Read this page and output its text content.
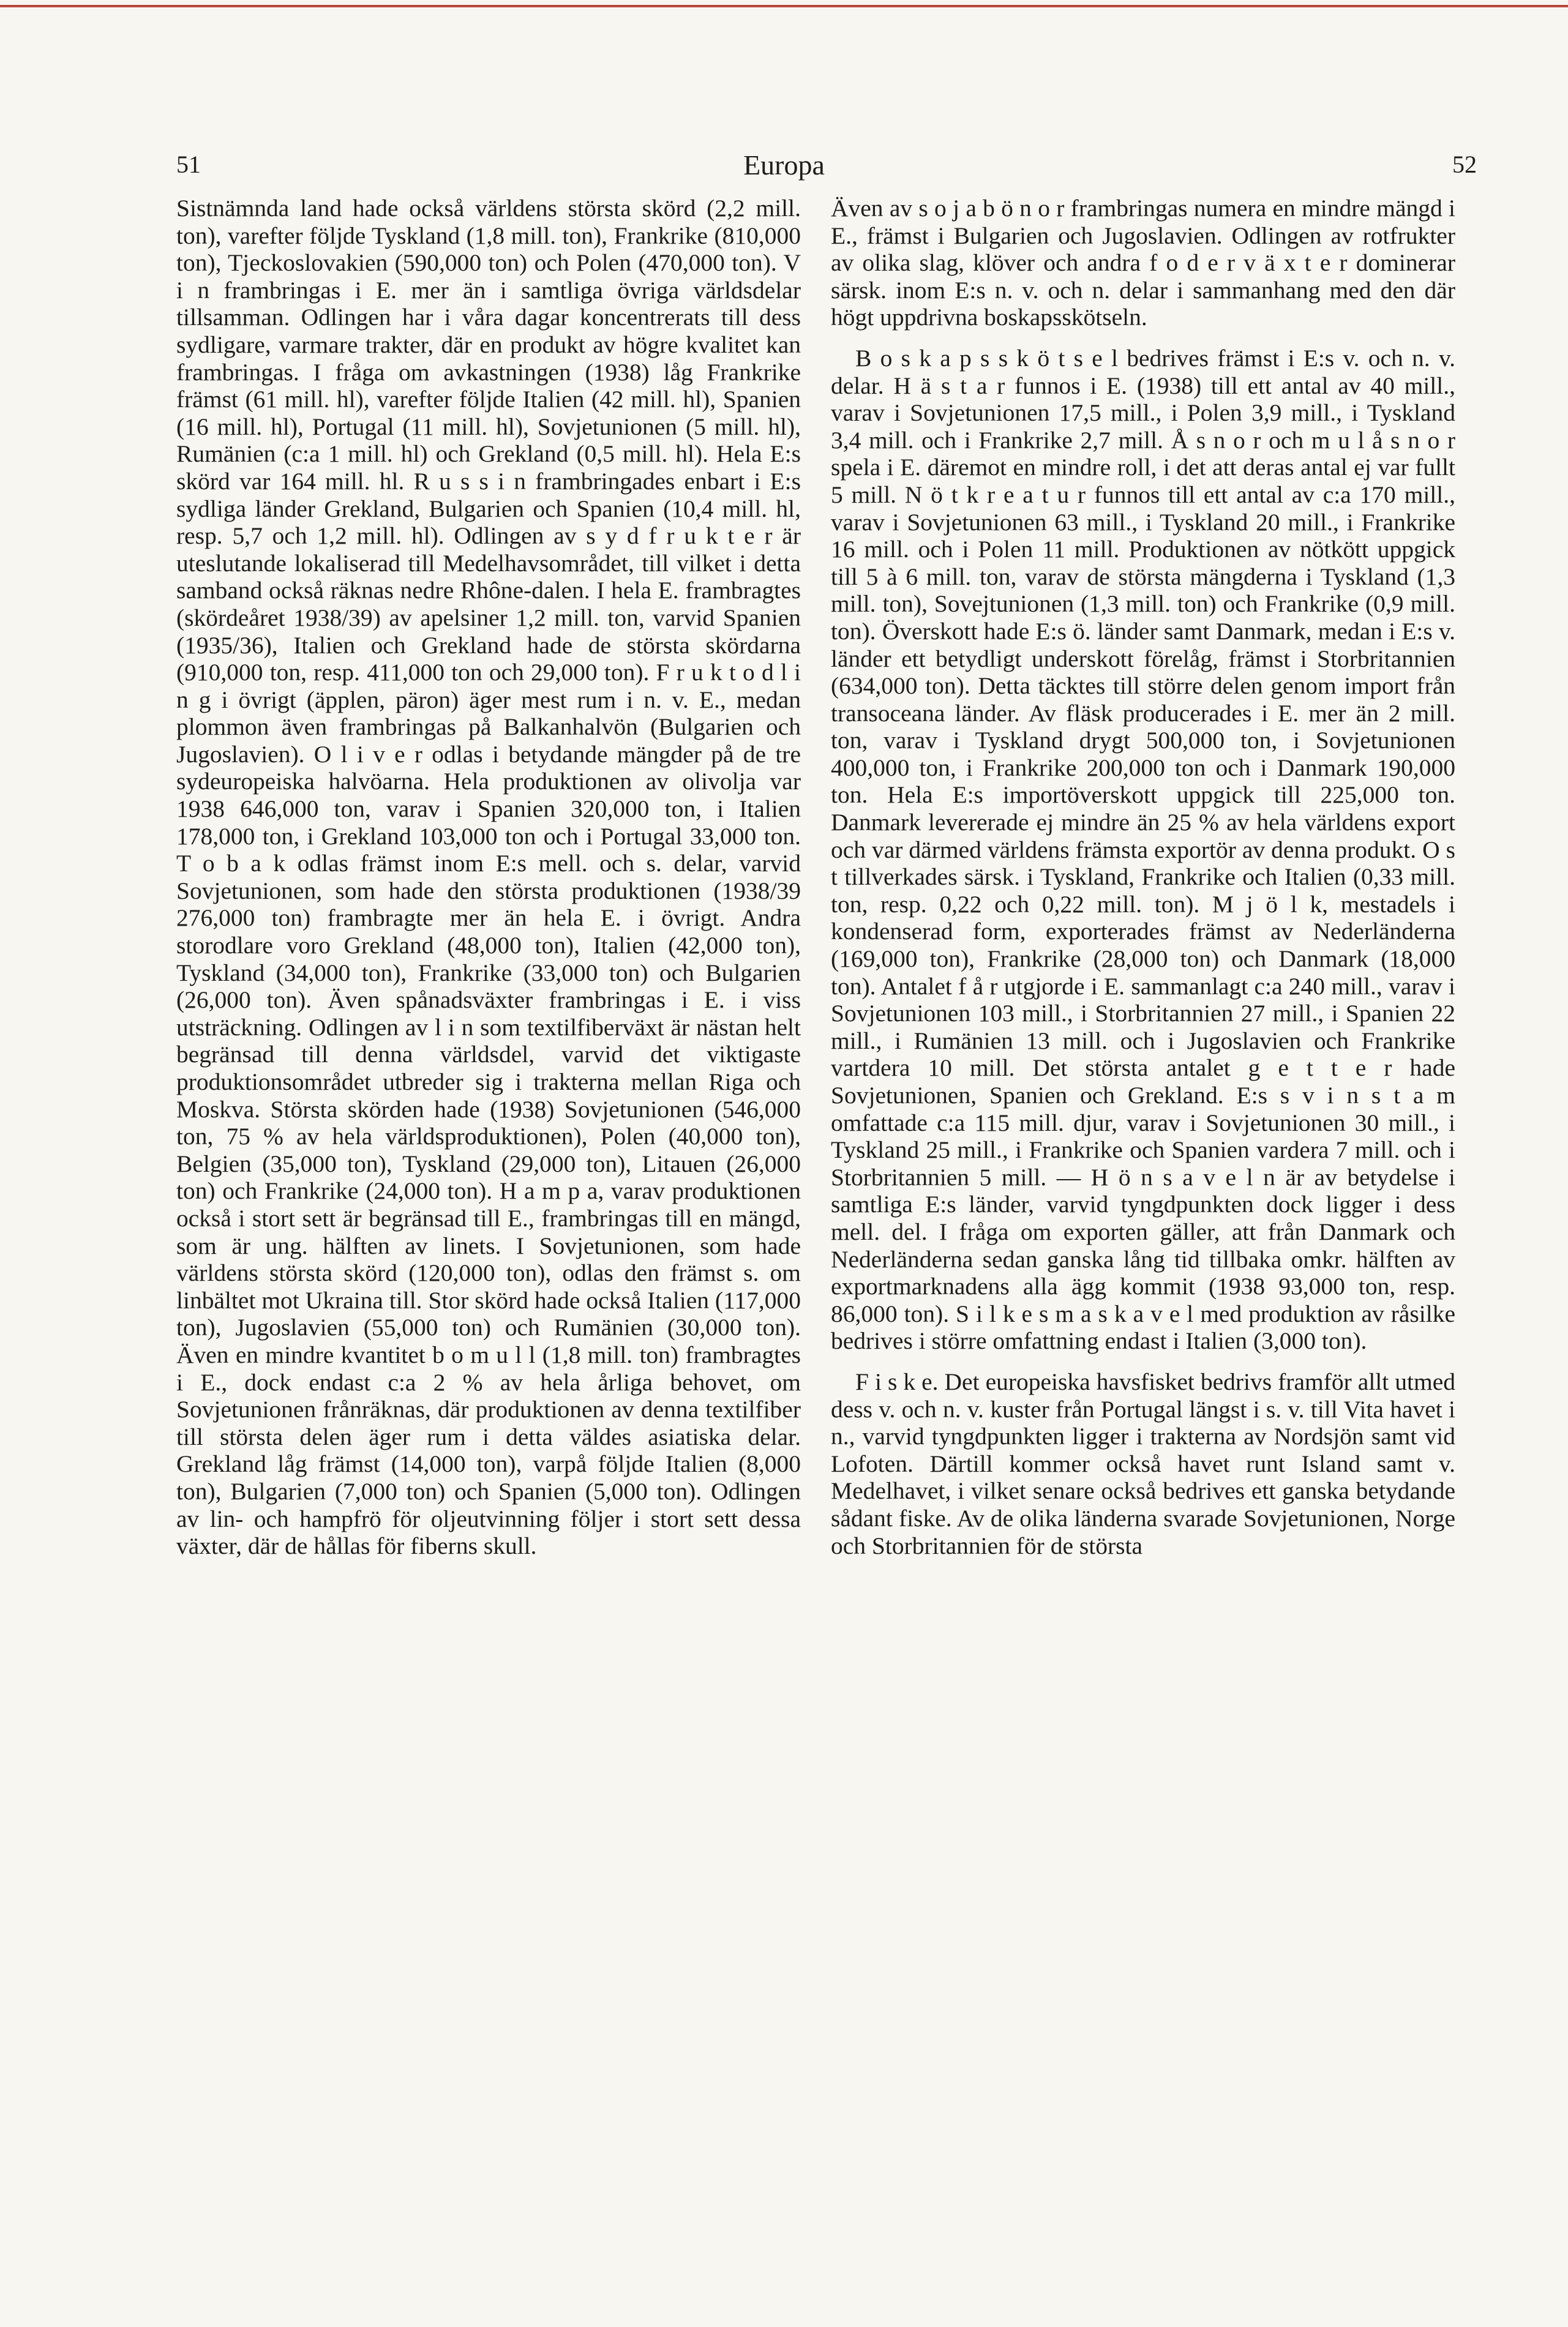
51	Europa	52

Sistnämnda land hade också världens största skörd (2,2 mill. ton), varefter följde Tyskland (1,8 mill. ton), Frankrike (810,000 ton), Tjeckoslovakien (590,000 ton) och Polen (470,000 ton). V i n frambringas i E. mer än i samtliga övriga världsdelar tillsamman. Odlingen har i våra dagar koncentrerats till dess sydligare, varmare trakter, där en produkt av högre kvalitet kan frambringas. I fråga om avkastningen (1938) låg Frankrike främst (61 mill. hl), varefter följde Italien (42 mill. hl), Spanien (16 mill. hl), Portugal (11 mill. hl), Sovjetunionen (5 mill. hl), Rumänien (c:a 1 mill. hl) och Grekland (0,5 mill. hl). Hela E:s skörd var 164 mill. hl. R u s s i n frambringades enbart i E:s sydliga länder Grekland, Bulgarien och Spanien (10,4 mill. hl, resp. 5,7 och 1,2 mill. hl). Odlingen av s y d f r u k t e r är uteslutande lokaliserad till Medelhavsområdet, till vilket i detta samband också räknas nedre Rhône-dalen. I hela E. frambragtes (skördeåret 1938/39) av apelsiner 1,2 mill. ton, varvid Spanien (1935/36), Italien och Grekland hade de största skördarna (910,000 ton, resp. 411,000 ton och 29,000 ton). F r u k t o d l i n g i övrigt (äpplen, päron) äger mest rum i n. v. E., medan plommon även frambringas på Balkanhalvön (Bulgarien och Jugoslavien). O l i v e r odlas i betydande mängder på de tre sydeuropeiska halvöarna. Hela produktionen av olivolja var 1938 646,000 ton, varav i Spanien 320,000 ton, i Italien 178,000 ton, i Grekland 103,000 ton och i Portugal 33,000 ton. T o b a k odlas främst inom E:s mell. och s. delar, varvid Sovjetunionen, som hade den största produktionen (1938/39 276,000 ton) frambragte mer än hela E. i övrigt. Andra storodlare voro Grekland (48,000 ton), Italien (42,000 ton), Tyskland (34,000 ton), Frankrike (33,000 ton) och Bulgarien (26,000 ton). Även spånadsväxter frambringas i E. i viss utsträckning. Odlingen av l i n som textilfiberväxt är nästan helt begränsad till denna världsdel, varvid det viktigaste produktionsområdet utbreder sig i trakterna mellan Riga och Moskva. Största skörden hade (1938) Sovjetunionen (546,000 ton, 75 % av hela världsproduktionen), Polen (40,000 ton), Belgien (35,000 ton), Tyskland (29,000 ton), Litauen (26,000 ton) och Frankrike (24,000 ton). H a m p a, varav produktionen också i stort sett är begränsad till E., frambringas till en mängd, som är ung. hälften av linets. I Sovjetunionen, som hade världens största skörd (120,000 ton), odlas den främst s. om linbältet mot Ukraina till. Stor skörd hade också Italien (117,000 ton), Jugoslavien (55,000 ton) och Rumänien (30,000 ton). Även en mindre kvantitet b o m u l l (1,8 mill. ton) frambragtes i E., dock endast c:a 2 % av hela årliga behovet, om Sovjetunionen frånräknas, där produktionen av denna textilfiber till största delen äger rum i detta väldes asiatiska delar. Grekland låg främst (14,000 ton), varpå följde Italien (8,000 ton), Bulgarien (7,000 ton) och Spanien (5,000 ton). Odlingen av lin- och hampfrö för oljeutvinning följer i stort sett dessa växter, där de hållas för fiberns skull.

Även av s o j a b ö n o r frambringas numera en mindre mängd i E., främst i Bulgarien och Jugoslavien. Odlingen av rotfrukter av olika slag, klöver och andra f o d e r v ä x t e r dominerar särsk. inom E:s n. v. och n. delar i sammanhang med den där högt uppdrivna boskapsskötseln.

B o s k a p s s k ö t s e l bedrives främst i E:s v. och n. v. delar. H ä s t a r funnos i E. (1938) till ett antal av 40 mill., varav i Sovjetunionen 17,5 mill., i Polen 3,9 mill., i Tyskland 3,4 mill. och i Frankrike 2,7 mill. Å s n o r och m u l å s n o r spela i E. däremot en mindre roll, i det att deras antal ej var fullt 5 mill. N ö t k r e a t u r funnos till ett antal av c:a 170 mill., varav i Sovjetunionen 63 mill., i Tyskland 20 mill., i Frankrike 16 mill. och i Polen 11 mill. Produktionen av nötkött uppgick till 5 à 6 mill. ton, varav de största mängderna i Tyskland (1,3 mill. ton), Sovejtunionen (1,3 mill. ton) och Frankrike (0,9 mill. ton). Överskott hade E:s ö. länder samt Danmark, medan i E:s v. länder ett betydligt underskott förelåg, främst i Storbritannien (634,000 ton). Detta täcktes till större delen genom import från transoceana länder. Av fläsk producerades i E. mer än 2 mill. ton, varav i Tyskland drygt 500,000 ton, i Sovjetunionen 400,000 ton, i Frankrike 200,000 ton och i Danmark 190,000 ton. Hela E:s importöverskott uppgick till 225,000 ton. Danmark levererade ej mindre än 25 % av hela världens export och var därmed världens främsta exportör av denna produkt. O s t tillverkades särsk. i Tyskland, Frankrike och Italien (0,33 mill. ton, resp. 0,22 och 0,22 mill. ton). M j ö l k, mestadels i kondenserad form, exporterades främst av Nederländerna (169,000 ton), Frankrike (28,000 ton) och Danmark (18,000 ton). Antalet f å r utgjorde i E. sammanlagt c:a 240 mill., varav i Sovjetunionen 103 mill., i Storbritannien 27 mill., i Spanien 22 mill., i Rumänien 13 mill. och i Jugoslavien och Frankrike vartdera 10 mill. Det största antalet g e t t e r hade Sovjetunionen, Spanien och Grekland. E:s s v i n s t a m omfattade c:a 115 mill. djur, varav i Sovjetunionen 30 mill., i Tyskland 25 mill., i Frankrike och Spanien vardera 7 mill. och i Storbritannien 5 mill. — H ö n s a v e l n är av betydelse i samtliga E:s länder, varvid tyngdpunkten dock ligger i dess mell. del. I fråga om exporten gäller, att från Danmark och Nederländerna sedan ganska lång tid tillbaka omkr. hälften av exportmarknadens alla ägg kommit (1938 93,000 ton, resp. 86,000 ton). S i l k e s m a s k a v e l med produktion av råsilke bedrives i större omfattning endast i Italien (3,000 ton).

F i s k e. Det europeiska havsfisket bedrivs framför allt utmed dess v. och n. v. kuster från Portugal längst i s. v. till Vita havet i n., varvid tyngdpunkten ligger i trakterna av Nordsjön samt vid Lofoten. Därtill kommer också havet runt Island samt v. Medelhavet, i vilket senare också bedrives ett ganska betydande sådant fiske. Av de olika länderna svarade Sovjetunionen, Norge och Storbritannien för de största
